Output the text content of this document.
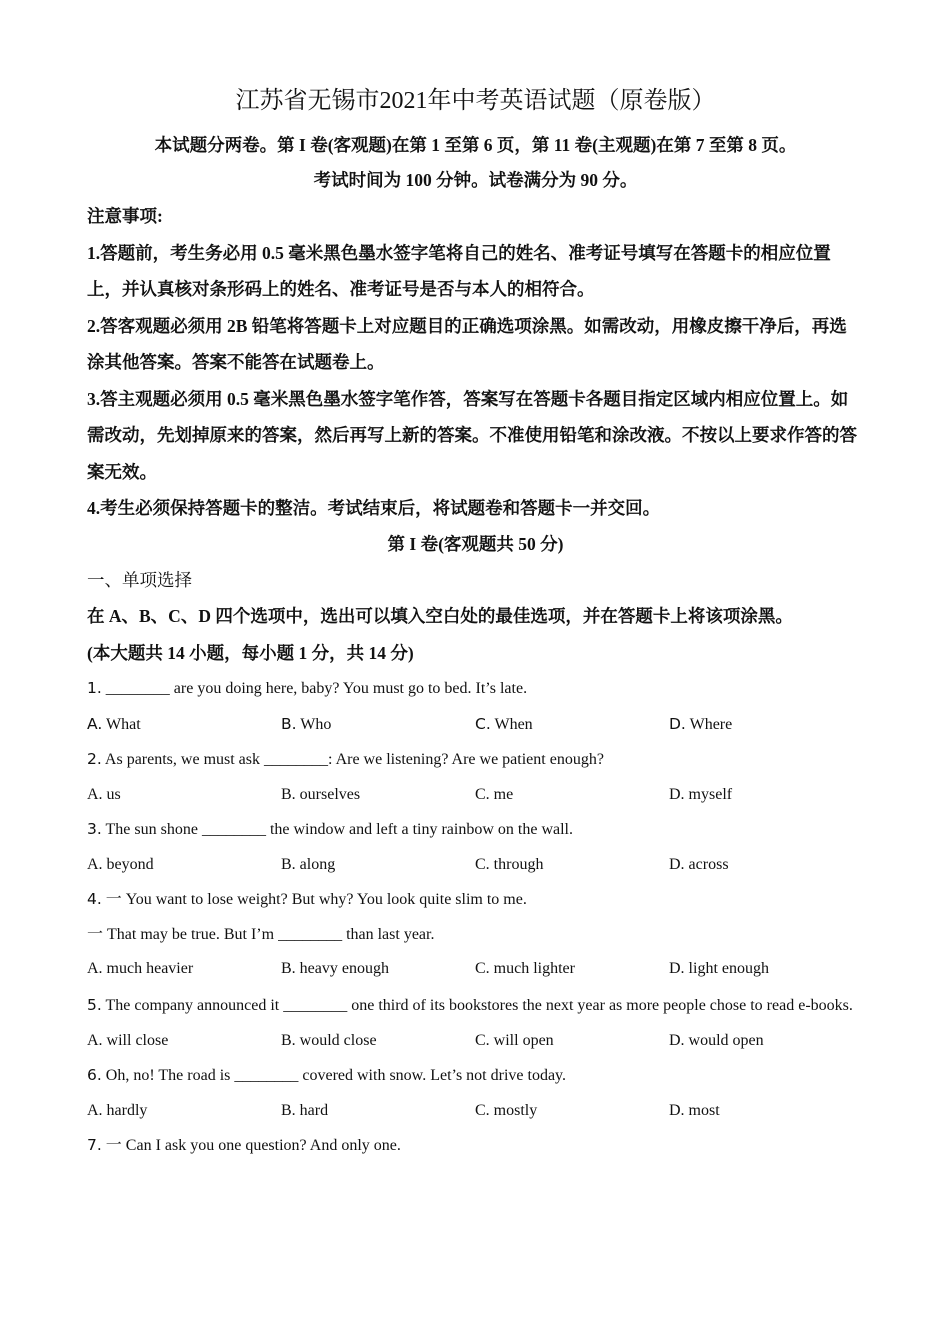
江苏省无锡市2021年中考英语试题（原卷版）
本试题分两卷。第 I 卷(客观题)在第 1 至第 6 页，第 11 卷(主观题)在第 7 至第 8 页。
考试时间为 100 分钟。试卷满分为 90 分。
注意事项:
1.答题前，考生务必用 0.5 毫米黑色墨水签字笔将自己的姓名、准考证号填写在答题卡的相应位置上，并认真核对条形码上的姓名、准考证号是否与本人的相符合。
2.答客观题必须用 2B 铅笔将答题卡上对应题目的正确选项涂黑。如需改动，用橡皮擦干净后，再选涂其他答案。答案不能答在试题卷上。
3.答主观题必须用 0.5 毫米黑色墨水签字笔作答，答案写在答题卡各题目指定区域内相应位置上。如需改动，先划掉原来的答案，然后再写上新的答案。不准使用铅笔和涂改液。不按以上要求作答的答案无效。
4.考生必须保持答题卡的整洁。考试结束后，将试题卷和答题卡一并交回。
第 I 卷(客观题共 50 分)
一、单项选择
在 A、B、C、D 四个选项中，选出可以填入空白处的最佳选项，并在答题卡上将该项涂黑。
(本大题共 14 小题，每小题 1 分，共 14 分)
1. ________ are you doing here, baby? You must go to bed. It’s late.
A. What	B. Who	C. When	D. Where
2. As parents, we must ask ________: Are we listening? Are we patient enough?
A. us	B. ourselves	C. me	D. myself
3. The sun shone ________ the window and left a tiny rainbow on the wall.
A. beyond	B. along	C. through	D. across
4. 一 You want to lose weight? But why? You look quite slim to me.
一 That may be true. But I’m ________ than last year.
A. much heavier	B. heavy enough	C. much lighter	D. light enough
5. The company announced it ________ one third of its bookstores the next year as more people chose to read e-books.
A. will close	B. would close	C. will open	D. would open
6. Oh, no! The road is ________ covered with snow. Let’s not drive today.
A. hardly	B. hard	C. mostly	D. most
7. 一 Can I ask you one question? And only one.
